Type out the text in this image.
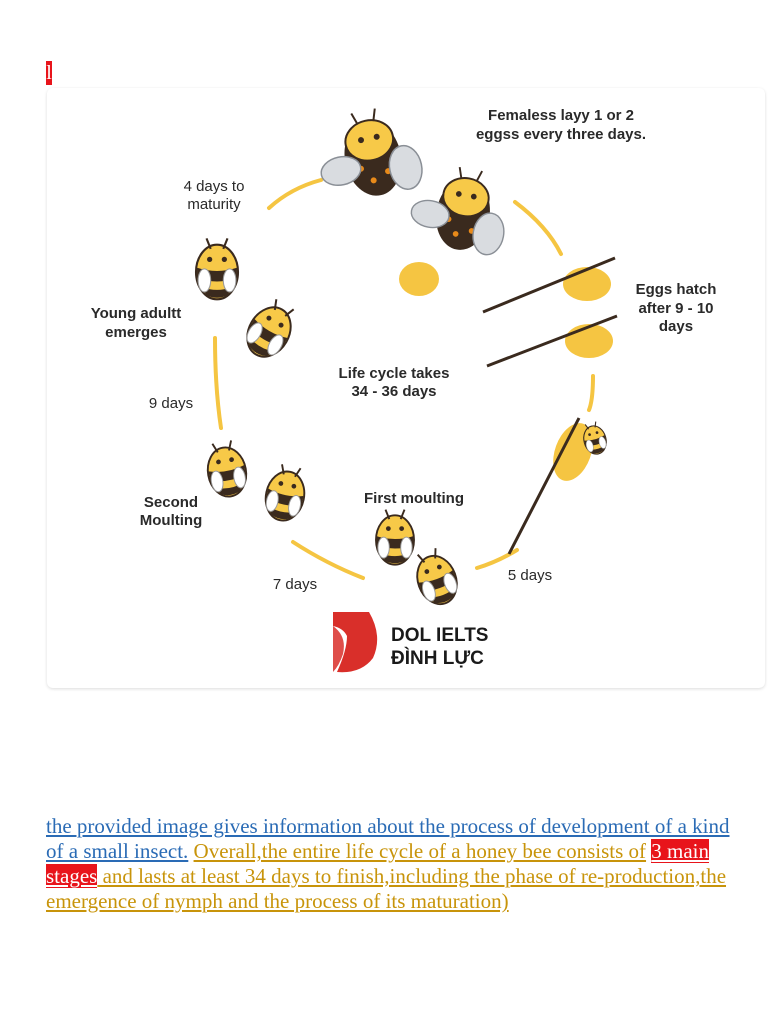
l
Femaless layy 1 or 2
eggss every three days.
Eggs hatch
after 9 - 10
days
5 days
First moulting
7 days
Second
Moulting
9 days
Young adultt
emerges
4 days to
maturity
Life cycle takes
34 - 36 days
DOL IELTS
ĐÌNH LỰC

the provided image gives information about the process of development of a kind of a small insect. Overall,the entire life cycle of a honey bee consists of 3 main stages and lasts at least 34 days to finish,including the phase of re-production,the emergence of nymph and the process of its maturation)
